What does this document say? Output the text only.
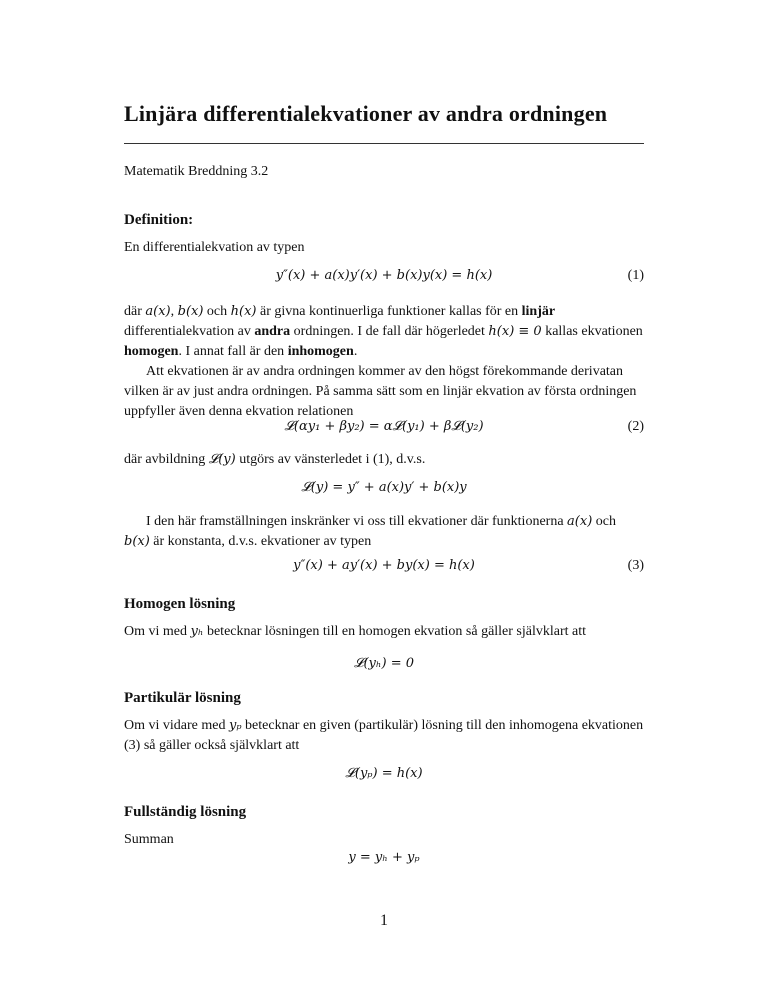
Linjära differentialekvationer av andra ordningen
Matematik Breddning 3.2
Definition:
En differentialekvation av typen
y″(x) + a(x)y′(x) + b(x)y(x) = h(x)	(1)
där a(x), b(x) och h(x) är givna kontinuerliga funktioner kallas för en linjär differentialekvation av andra ordningen. I de fall där högerledet h(x) ≡ 0 kallas ekvationen homogen. I annat fall är den inhomogen.
Att ekvationen är av andra ordningen kommer av den högst förekommande derivatan vilken är av just andra ordningen. På samma sätt som en linjär ekvation av första ordningen uppfyller även denna ekvation relationen
𝓛(αy₁ + βy₂) = α𝓛(y₁) + β𝓛(y₂)	(2)
där avbildning 𝓛(y) utgörs av vänsterledet i (1), d.v.s.
𝓛(y) = y″ + a(x)y′ + b(x)y
I den här framställningen inskränker vi oss till ekvationer där funktionerna a(x) och b(x) är konstanta, d.v.s. ekvationer av typen
y″(x) + ay′(x) + by(x) = h(x)	(3)
Homogen lösning
Om vi med yₕ betecknar lösningen till en homogen ekvation så gäller självklart att
𝓛(yₕ) = 0
Partikulär lösning
Om vi vidare med yₚ betecknar en given (partikulär) lösning till den inhomogena ekvationen (3) så gäller också självklart att
𝓛(yₚ) = h(x)
Fullständig lösning
Summan
y = yₕ + yₚ
1
